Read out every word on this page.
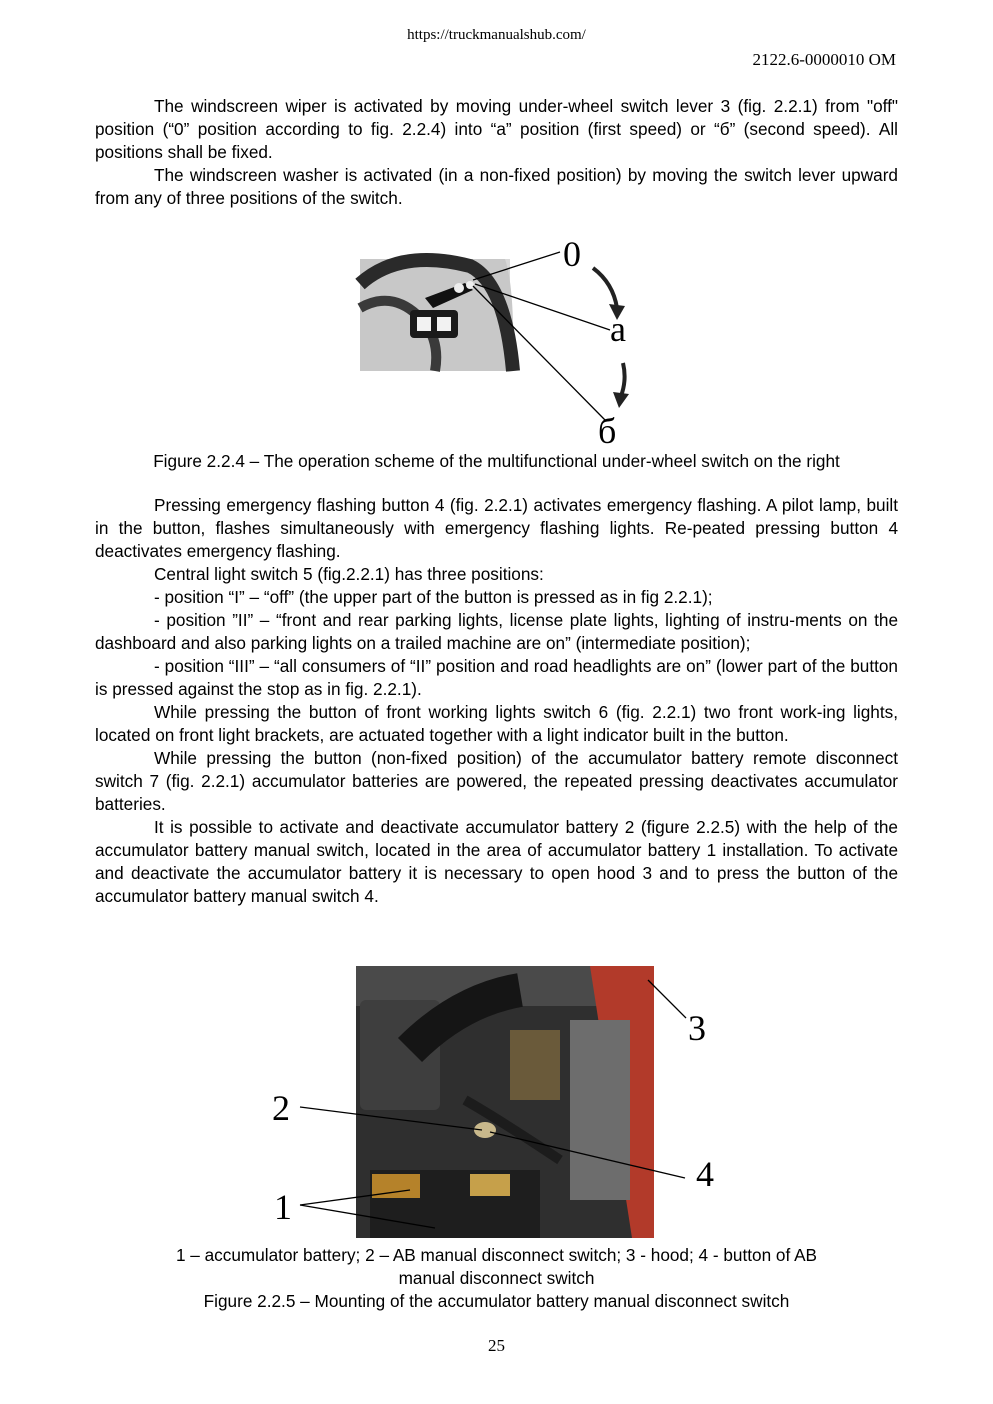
https://truckmanualshub.com/
2122.6-0000010 OM

The windscreen wiper is activated by moving under-wheel switch lever 3 (fig. 2.2.1) from "off" position (“0” position according to fig. 2.2.4) into “а” position (first speed) or “б” (second speed). All positions shall be fixed.

The windscreen washer is activated (in a non-fixed position) by moving the switch lever upward from any of three positions of the switch.

0
а
б
Figure 2.2.4 – The operation scheme of the multifunctional under-wheel switch on the right

Pressing emergency flashing button 4 (fig. 2.2.1) activates emergency flashing. A pilot lamp, built in the button, flashes simultaneously with emergency flashing lights. Re-peated pressing button 4 deactivates emergency flashing.

Central light switch 5 (fig.2.2.1) has three positions:

- position “I” – “off” (the upper part of the button is pressed as in fig 2.2.1);

- position ”II” – “front and rear parking lights, license plate lights, lighting of instru-ments on the dashboard and also parking lights on a trailed machine are on” (intermediate position);

- position “III” – “all consumers of “II” position and road headlights are on” (lower part of the button is pressed against the stop as in fig. 2.2.1).

While pressing the button of front working lights switch 6 (fig. 2.2.1) two front work-ing lights, located on front light brackets, are actuated together with a light indicator built in the button.

While pressing the button (non-fixed position) of the accumulator battery remote disconnect switch 7 (fig. 2.2.1) accumulator batteries are powered, the repeated pressing deactivates accumulator batteries.

It is possible to activate and deactivate accumulator battery 2 (figure 2.2.5) with the help of the accumulator battery manual switch, located in the area of accumulator battery 1 installation. To activate and deactivate the accumulator battery it is necessary to open hood 3 and to press the button of the accumulator battery manual switch 4.

2
1
3
4
1 – accumulator battery; 2 – AB manual disconnect switch; 3 - hood; 4 - button of AB
manual disconnect switch
Figure 2.2.5 – Mounting of the accumulator battery manual disconnect switch
25
